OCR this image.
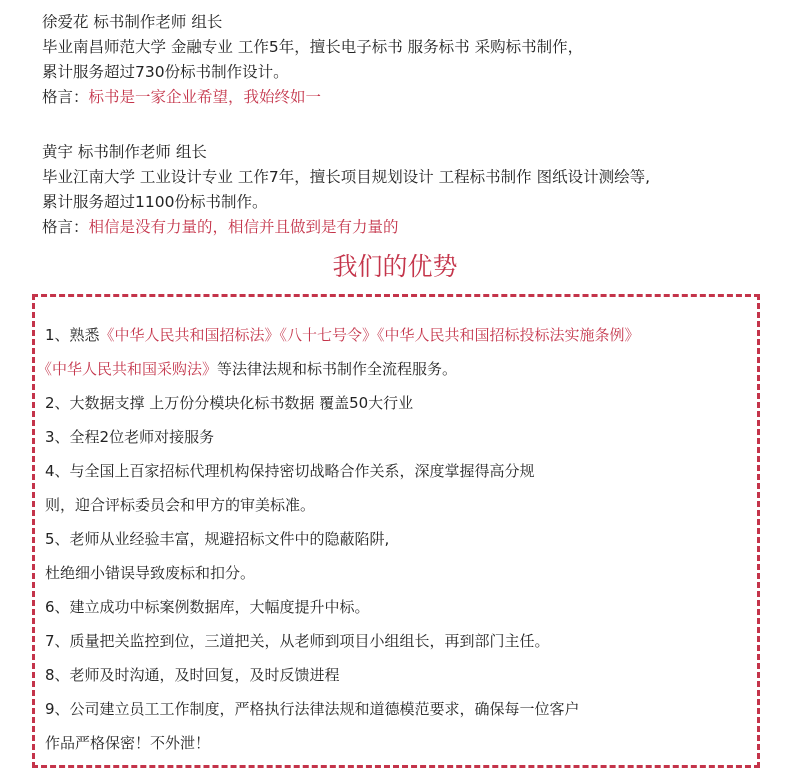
徐爱花 标书制作老师 组长
毕业南昌师范大学 金融专业 工作5年，擅长电子标书 服务标书 采购标书制作，
累计服务超过730份标书制作设计。
格言：标书是一家企业希望，我始终如一
黄宇 标书制作老师 组长
毕业江南大学 工业设计专业 工作7年，擅长项目规划设计 工程标书制作 图纸设计测绘等,
累计服务超过1100份标书制作。
格言：相信是没有力量的，相信并且做到是有力量的
我们的优势
1、熟悉《中华人民共和国招标法》《八十七号令》《中华人民共和国招标投标法实施条例》
《中华人民共和国采购法》等法律法规和标书制作全流程服务。
2、大数据支撑 上万份分模块化标书数据 覆盖50大行业
3、全程2位老师对接服务
4、与全国上百家招标代理机构保持密切战略合作关系，深度掌握得高分规
则，迎合评标委员会和甲方的审美标准。
5、老师从业经验丰富，规避招标文件中的隐蔽陷阱,
杜绝细小错误导致废标和扣分。
6、建立成功中标案例数据库，大幅度提升中标。
7、质量把关监控到位，三道把关，从老师到项目小组组长，再到部门主任。
8、老师及时沟通，及时回复，及时反馈进程
9、公司建立员工工作制度，严格执行法律法规和道德模范要求，确保每一位客户
作品严格保密！不外泄！
